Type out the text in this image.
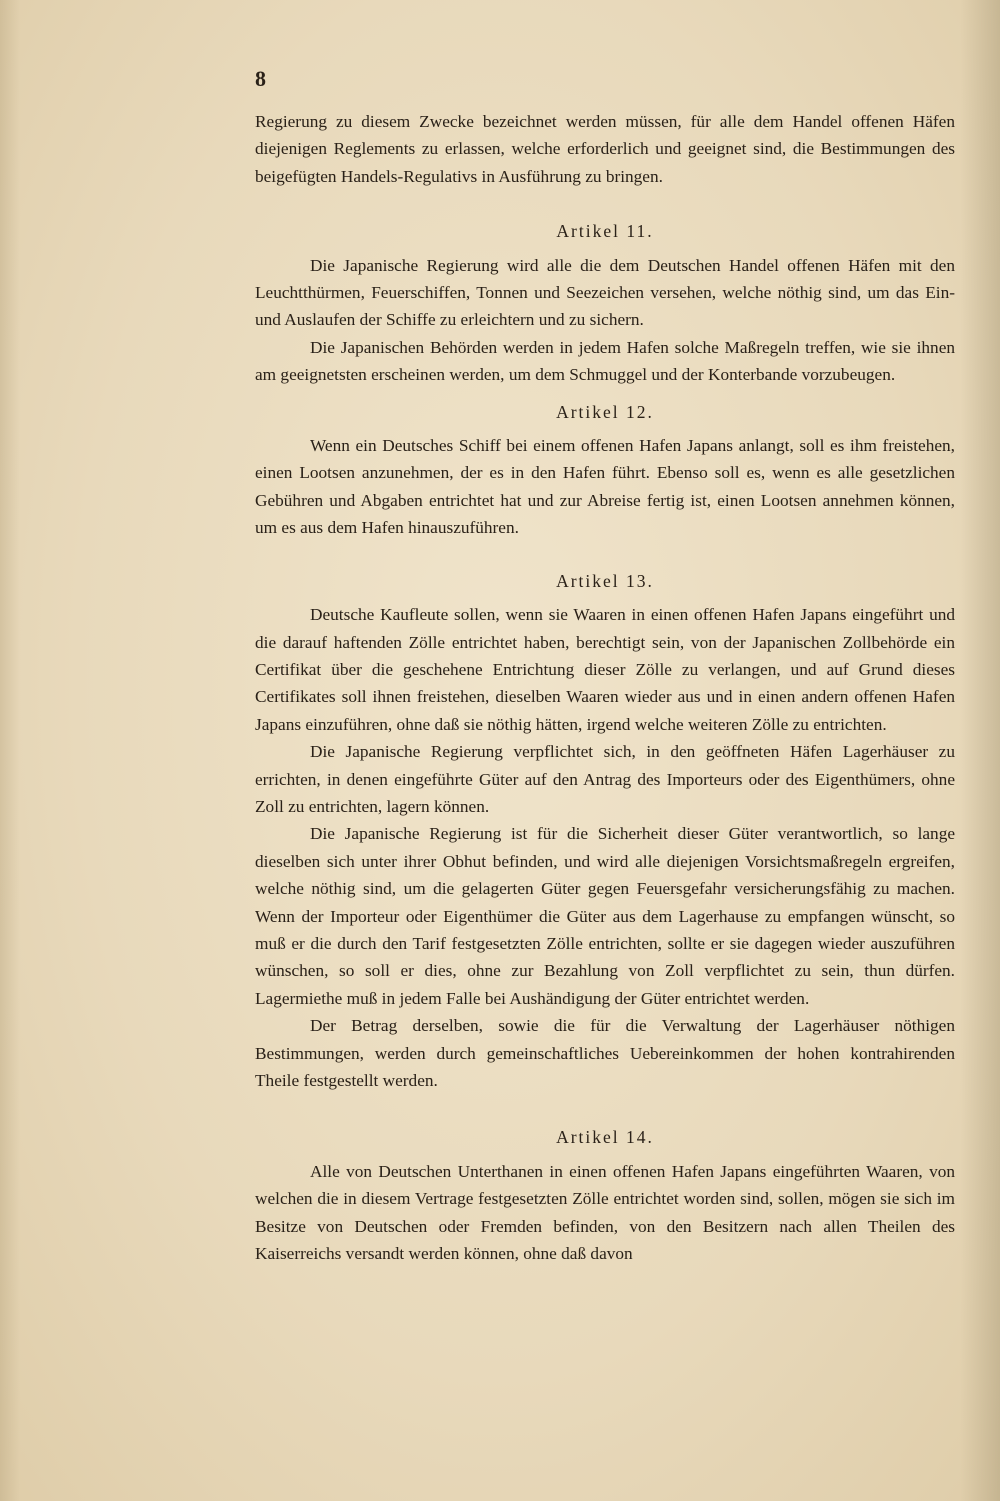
8

Regierung zu diesem Zwecke bezeichnet werden müssen, für alle dem Handel offenen Häfen diejenigen Reglements zu erlassen, welche erforderlich und geeignet sind, die Bestimmungen des beigefügten Handels-Regulativs in Ausführung zu bringen.

Artikel 11.

Die Japanische Regierung wird alle die dem Deutschen Handel offenen Häfen mit den Leuchtthürmen, Feuerschiffen, Tonnen und Seezeichen versehen, welche nöthig sind, um das Ein- und Auslaufen der Schiffe zu erleichtern und zu sichern.

Die Japanischen Behörden werden in jedem Hafen solche Maßregeln treffen, wie sie ihnen am geeignetsten erscheinen werden, um dem Schmuggel und der Konterbande vorzubeugen.

Artikel 12.

Wenn ein Deutsches Schiff bei einem offenen Hafen Japans anlangt, soll es ihm freistehen, einen Lootsen anzunehmen, der es in den Hafen führt. Ebenso soll es, wenn es alle gesetzlichen Gebühren und Abgaben entrichtet hat und zur Abreise fertig ist, einen Lootsen annehmen können, um es aus dem Hafen hinauszuführen.

Artikel 13.

Deutsche Kaufleute sollen, wenn sie Waaren in einen offenen Hafen Japans eingeführt und die darauf haftenden Zölle entrichtet haben, berechtigt sein, von der Japanischen Zollbehörde ein Certifikat über die geschehene Entrichtung dieser Zölle zu verlangen, und auf Grund dieses Certifikates soll ihnen freistehen, dieselben Waaren wieder aus und in einen andern offenen Hafen Japans einzuführen, ohne daß sie nöthig hätten, irgend welche weiteren Zölle zu entrichten.

Die Japanische Regierung verpflichtet sich, in den geöffneten Häfen Lagerhäuser zu errichten, in denen eingeführte Güter auf den Antrag des Importeurs oder des Eigenthümers, ohne Zoll zu entrichten, lagern können.

Die Japanische Regierung ist für die Sicherheit dieser Güter verantwortlich, so lange dieselben sich unter ihrer Obhut befinden, und wird alle diejenigen Vorsichtsmaßregeln ergreifen, welche nöthig sind, um die gelagerten Güter gegen Feuersgefahr versicherungsfähig zu machen. Wenn der Importeur oder Eigenthümer die Güter aus dem Lagerhause zu empfangen wünscht, so muß er die durch den Tarif festgesetzten Zölle entrichten, sollte er sie dagegen wieder auszuführen wünschen, so soll er dies, ohne zur Bezahlung von Zoll verpflichtet zu sein, thun dürfen. Lagermiethe muß in jedem Falle bei Aushändigung der Güter entrichtet werden.

Der Betrag derselben, sowie die für die Verwaltung der Lagerhäuser nöthigen Bestimmungen, werden durch gemeinschaftliches Uebereinkommen der hohen kontrahirenden Theile festgestellt werden.

Artikel 14.

Alle von Deutschen Unterthanen in einen offenen Hafen Japans eingeführten Waaren, von welchen die in diesem Vertrage festgesetzten Zölle entrichtet worden sind, sollen, mögen sie sich im Besitze von Deutschen oder Fremden befinden, von den Besitzern nach allen Theilen des Kaiserreichs versandt werden können, ohne daß davon
